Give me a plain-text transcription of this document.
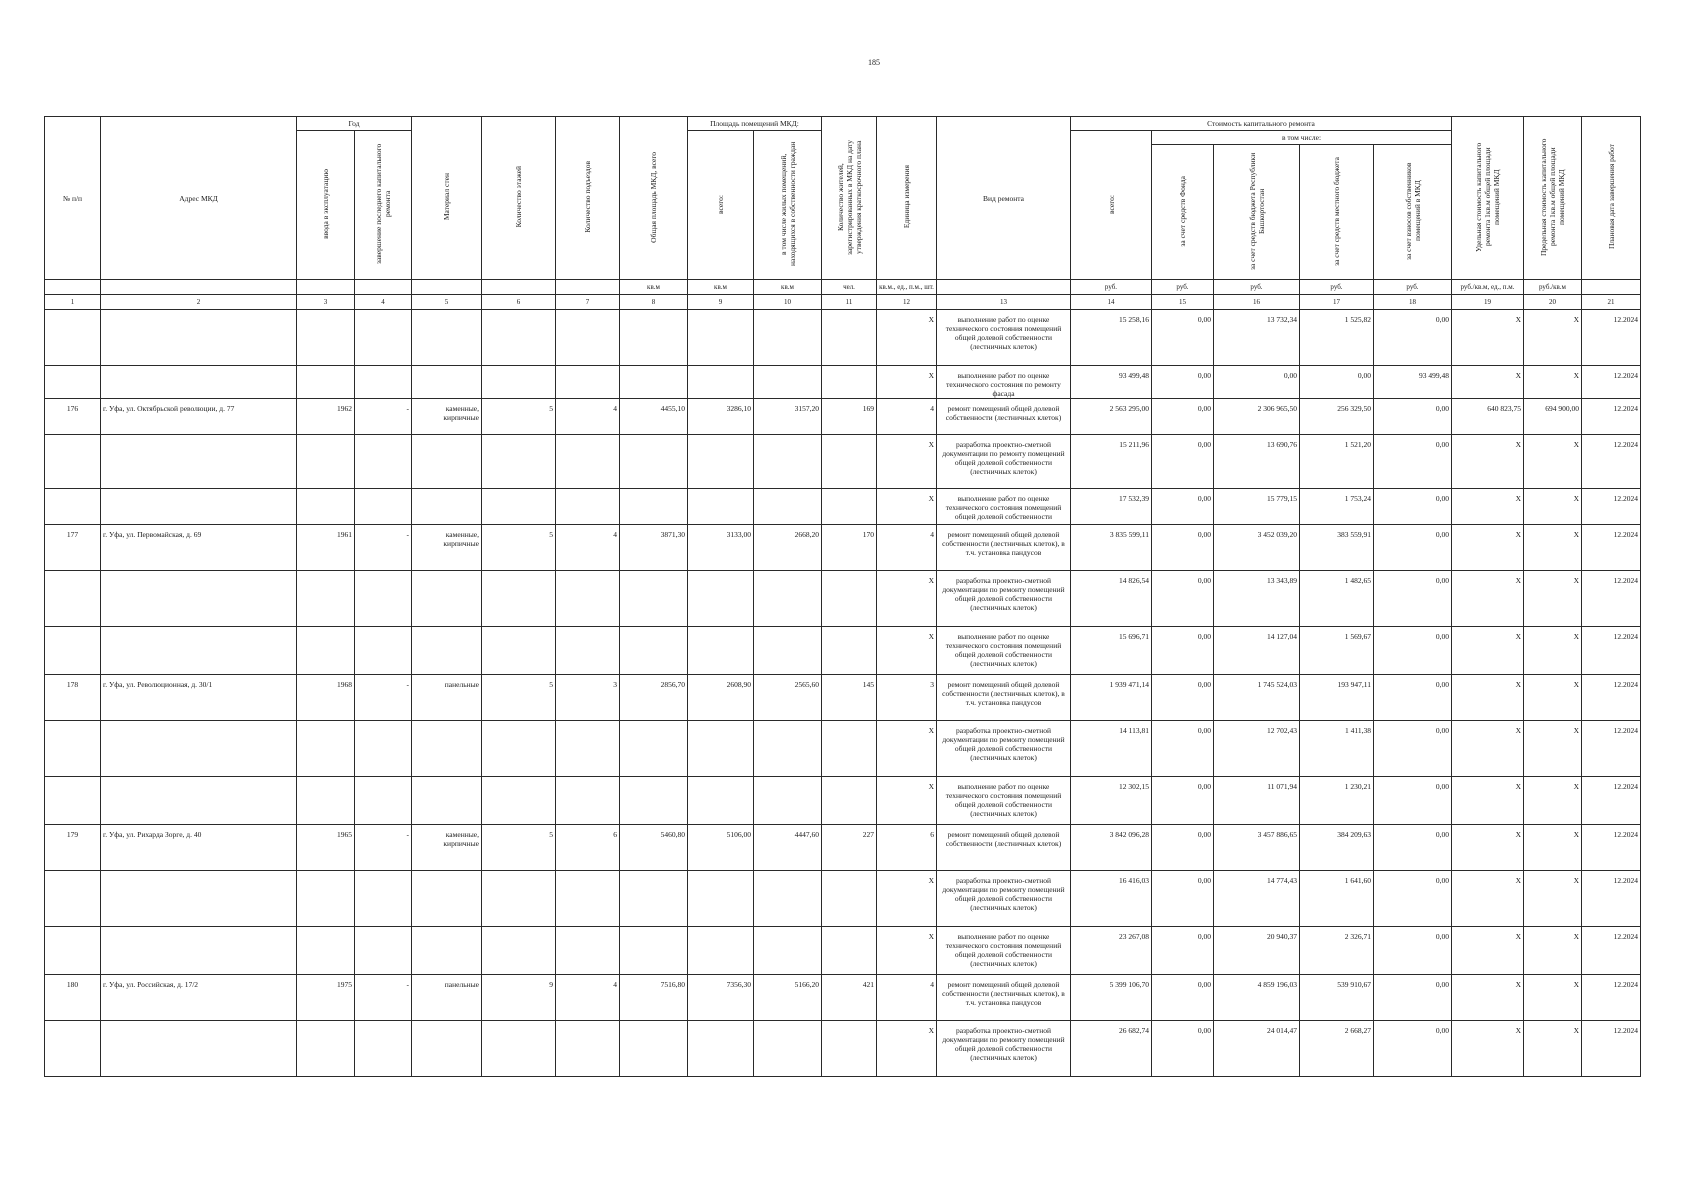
185
№ п/п	Адрес МКД	Год		Материал стен	Количество этажей	Количество подъездов	Общая площадь МКД, всего	Площадь помещений МКД:		Количество жителей, зарегистрированных в МКД на дату утверждения краткосрочного плана	Единица измерения	Вид ремонта	Стоимость капитального ремонта					Удельная стоимость капитального ремонта 1кв.м общей площади помещений МКД	Предельная стоимость капитального ремонта 1кв.м общей площади помещений МКД	Плановая дата завершения работ
		ввода в эксплуатацию	завершение последнего капитального ремонта					всего:	в том числе жилых помещений, находящихся в собственности граждан				всего:	в том числе:						
														за счет средств Фонда	за счет средств бюджета Республики Башкортостан	за счет средств местного бюджета	за счет взносов собственников помещений в МКД			
							кв.м	кв.м	кв.м	чел.	кв.м., ед., п.м., шт.		руб.	руб.	руб.	руб.	руб.	руб./кв.м, ед., п.м.	руб./кв.м	
1	2	3	4	5	6	7	8	9	10	11	12	13	14	15	16	17	18	19	20	21
											X	выполнение работ по оценке технического состояния помещений общей долевой собственности (лестничных клеток)	15 258,16	0,00	13 732,34	1 525,82	0,00	X	X	12.2024
											X	выполнение работ по оценке технического состояния по ремонту фасада	93 499,48	0,00	0,00	0,00	93 499,48	X	X	12.2024
176	г. Уфа, ул. Октябрьской революции, д. 77	1962	-	каменные, кирпичные	5	4	4455,10	3286,10	3157,20	169	4	ремонт помещений общей долевой собственности (лестничных клеток)	2 563 295,00	0,00	2 306 965,50	256 329,50	0,00	640 823,75	694 900,00	12.2024
											X	разработка проектно-сметной документации по ремонту помещений общей долевой собственности (лестничных клеток)	15 211,96	0,00	13 690,76	1 521,20	0,00	X	X	12.2024
											X	выполнение работ по оценке технического состояния помещений общей долевой собственности	17 532,39	0,00	15 779,15	1 753,24	0,00	X	X	12.2024
177	г. Уфа, ул. Первомайская, д. 69	1961	-	каменные, кирпичные	5	4	3871,30	3133,00	2668,20	170	4	ремонт помещений общей долевой собственности (лестничных клеток), в т.ч. установка пандусов	3 835 599,11	0,00	3 452 039,20	383 559,91	0,00	X	X	12.2024
											X	разработка проектно-сметной документации по ремонту помещений общей долевой собственности (лестничных клеток)	14 826,54	0,00	13 343,89	1 482,65	0,00	X	X	12.2024
											X	выполнение работ по оценке технического состояния помещений общей долевой собственности (лестничных клеток)	15 696,71	0,00	14 127,04	1 569,67	0,00	X	X	12.2024
178	г. Уфа, ул. Революционная, д. 30/1	1968	-	панельные	5	3	2856,70	2608,90	2565,60	145	3	ремонт помещений общей долевой собственности (лестничных клеток), в т.ч. установка пандусов	1 939 471,14	0,00	1 745 524,03	193 947,11	0,00	X	X	12.2024
											X	разработка проектно-сметной документации по ремонту помещений общей долевой собственности (лестничных клеток)	14 113,81	0,00	12 702,43	1 411,38	0,00	X	X	12.2024
											X	выполнение работ по оценке технического состояния помещений общей долевой собственности (лестничных клеток)	12 302,15	0,00	11 071,94	1 230,21	0,00	X	X	12.2024
179	г. Уфа, ул. Рихарда Зорге, д. 40	1965	-	каменные, кирпичные	5	6	5460,80	5106,00	4447,60	227	6	ремонт помещений общей долевой собственности (лестничных клеток)	3 842 096,28	0,00	3 457 886,65	384 209,63	0,00	X	X	12.2024
											X	разработка проектно-сметной документации по ремонту помещений общей долевой собственности (лестничных клеток)	16 416,03	0,00	14 774,43	1 641,60	0,00	X	X	12.2024
											X	выполнение работ по оценке технического состояния помещений общей долевой собственности (лестничных клеток)	23 267,08	0,00	20 940,37	2 326,71	0,00	X	X	12.2024
180	г. Уфа, ул. Российская, д. 17/2	1975	-	панельные	9	4	7516,80	7356,30	5166,20	421	4	ремонт помещений общей долевой собственности (лестничных клеток), в т.ч. установка пандусов	5 399 106,70	0,00	4 859 196,03	539 910,67	0,00	X	X	12.2024
											X	разработка проектно-сметной документации по ремонту помещений общей долевой собственности (лестничных клеток)	26 682,74	0,00	24 014,47	2 668,27	0,00	X	X	12.2024
